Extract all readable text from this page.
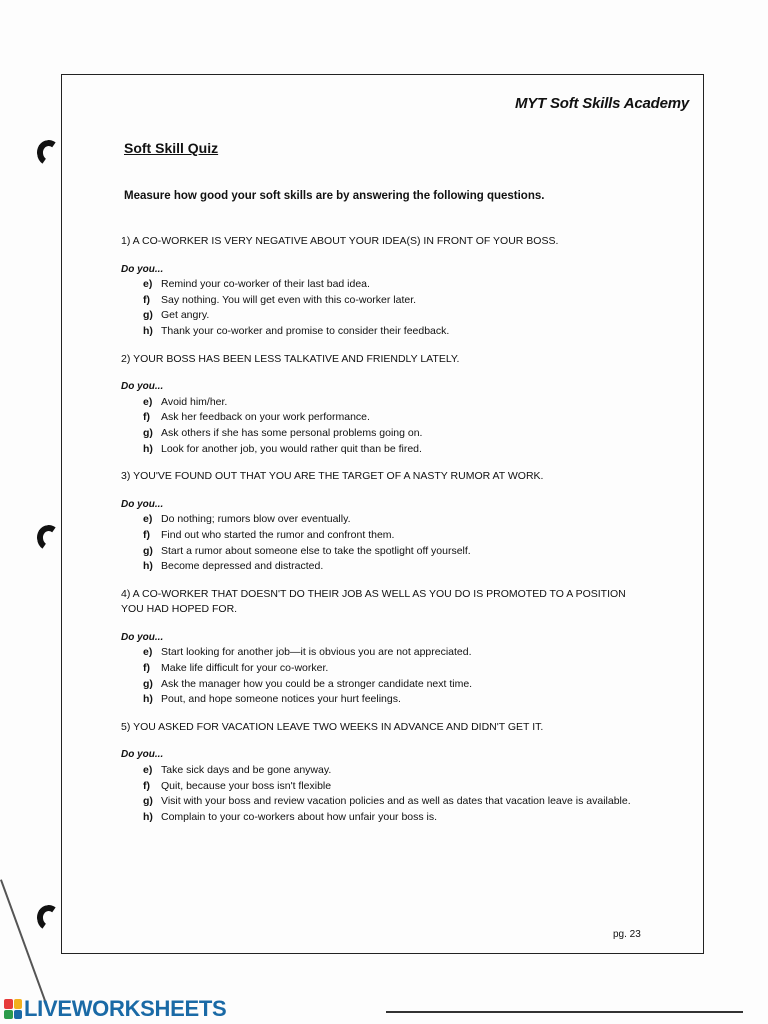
MYT Soft Skills Academy
Soft Skill Quiz
Measure how good your soft skills are by answering the following questions.
1) A CO-WORKER IS VERY NEGATIVE ABOUT YOUR IDEA(S) IN FRONT OF YOUR BOSS.
Do you...
e) Remind your co-worker of their last bad idea.
f)	Say nothing. You will get even with this co-worker later.
g) Get angry.
h) Thank your co-worker and promise to consider their feedback.
2) YOUR BOSS HAS BEEN LESS TALKATIVE AND FRIENDLY LATELY.
Do you...
e) Avoid him/her.
f)	Ask her feedback on your work performance.
g) Ask others if she has some personal problems going on.
h) Look for another job, you would rather quit than be fired.
3) YOU'VE FOUND OUT THAT YOU ARE THE TARGET OF A NASTY RUMOR AT WORK.
Do you...
e) Do nothing; rumors blow over eventually.
f)	Find out who started the rumor and confront them.
g) Start a rumor about someone else to take the spotlight off yourself.
h) Become depressed and distracted.
4) A CO-WORKER THAT DOESN'T DO THEIR JOB AS WELL AS YOU DO IS PROMOTED TO A POSITION YOU HAD HOPED FOR.
Do you...
e) Start looking for another job—it is obvious you are not appreciated.
f)	Make life difficult for your co-worker.
g) Ask the manager how you could be a stronger candidate next time.
h) Pout, and hope someone notices your hurt feelings.
5) YOU ASKED FOR VACATION LEAVE TWO WEEKS IN ADVANCE AND DIDN'T GET IT.
Do you...
e) Take sick days and be gone anyway.
f)	Quit, because your boss isn't flexible
g) Visit with your boss and review vacation policies and as well as dates that vacation leave is available.
h) Complain to your co-workers about how unfair your boss is.
pg. 23
LIVEWORKSHEETS
